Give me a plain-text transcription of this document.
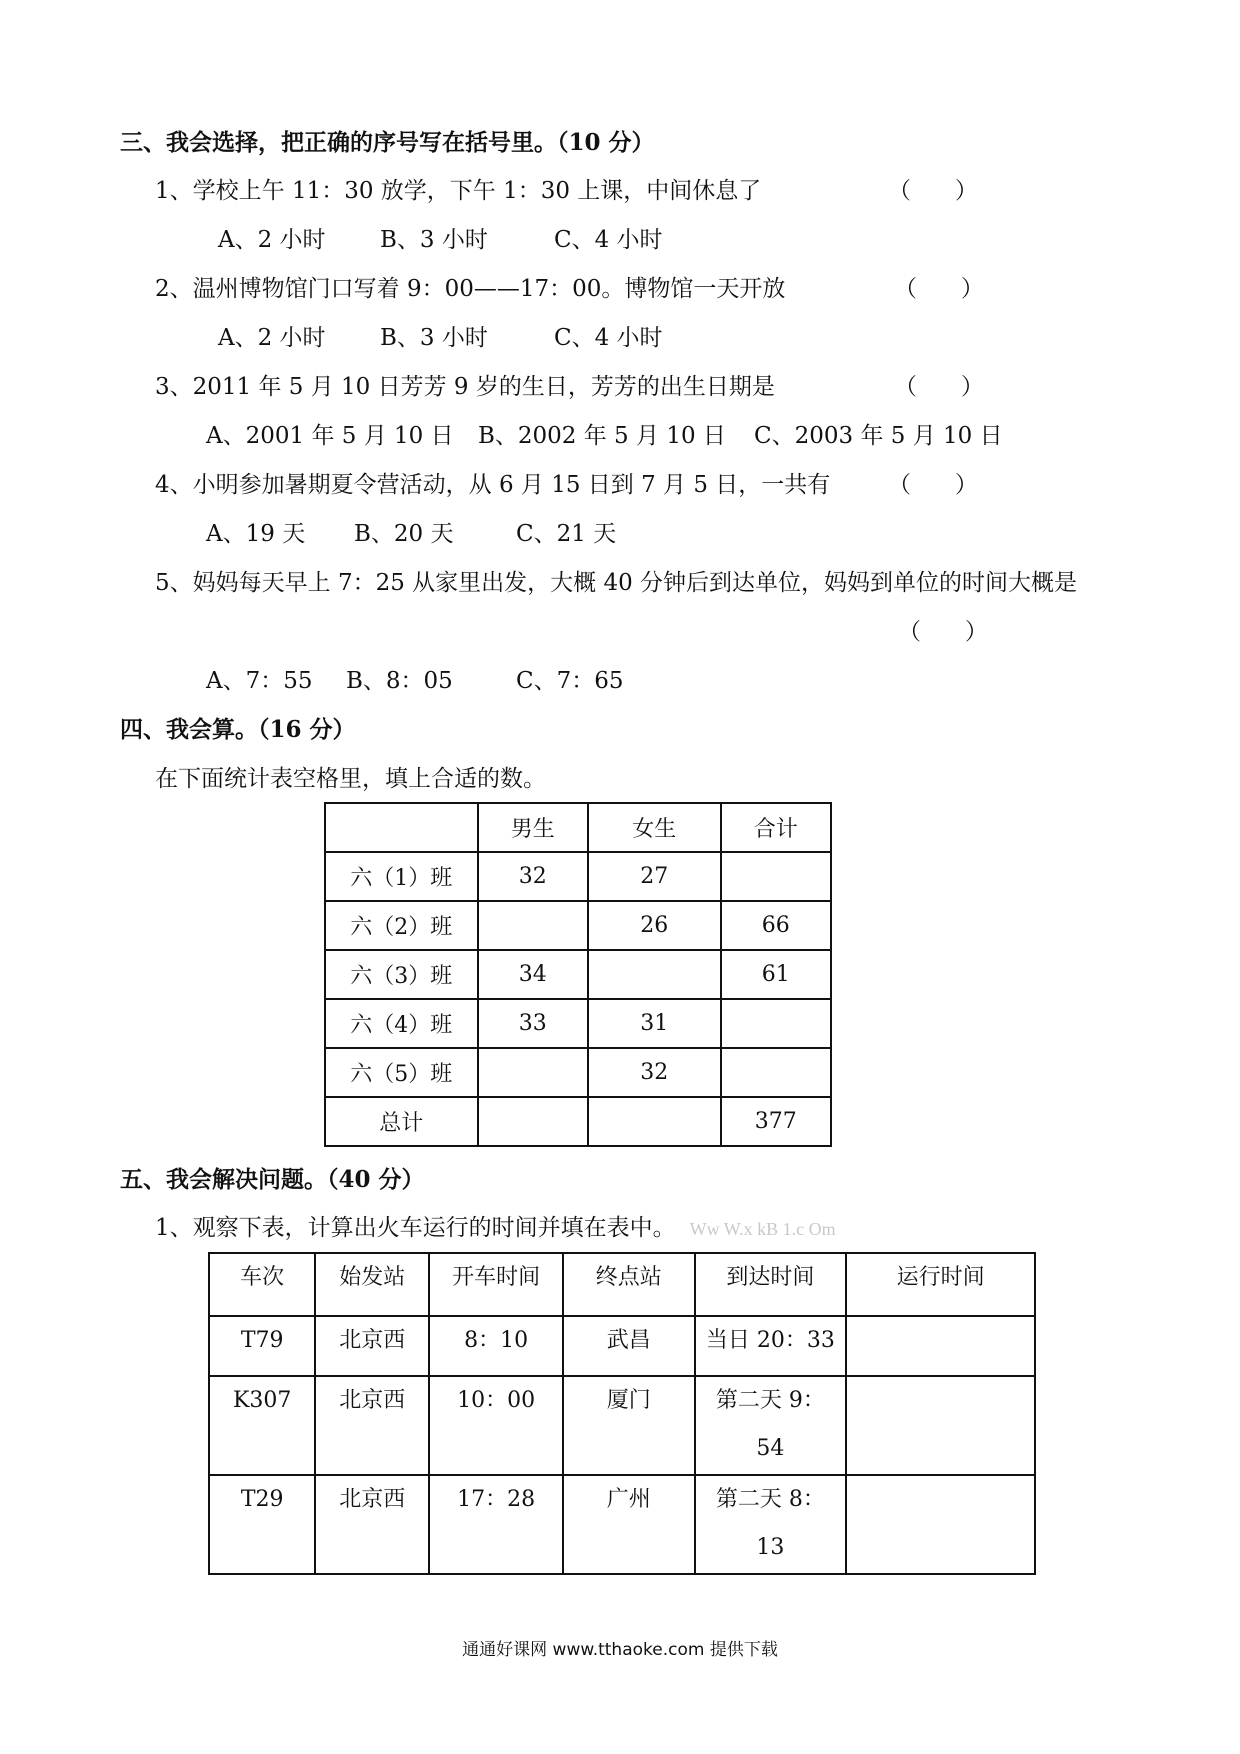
三、我会选择，把正确的序号写在括号里。（10 分）
1、学校上午 11：30 放学，下午 1：30 上课，中间休息了	（      ）
A、2 小时 B、3 小时	C、4 小时
2、温州博物馆门口写着 9：00——17：00。博物馆一天开放	（      ）
A、2 小时 B、3 小时	C、4 小时
3、2011 年 5 月 10 日芳芳 9 岁的生日，芳芳的出生日期是	（      ）
A、2001 年 5 月 10 日 B、2002 年 5 月 10 日 C、2003 年 5 月 10 日
4、小明参加暑期夏令营活动，从 6 月 15 日到 7 月 5 日，一共有	（      ）
A、19 天 B、20 天	C、21 天
5、妈妈每天早上 7：25 从家里出发，大概 40 分钟后到达单位，妈妈到单位的时间大概是
（      ）
A、7：55 B、8：05	C、7：65
四、我会算。（16 分）
在下面统计表空格里，填上合适的数。
	男生	女生	合计
六（1）班	32	27	
六（2）班		26	66
六（3）班	34		61
六（4）班	33	31	
六（5）班		32	
总计			377
五、我会解决问题。（40 分）
1、观察下表，计算出火车运行的时间并填在表中。 Ww W.x kB 1.c Om
车次	始发站	开车时间	终点站	到达时间	运行时间
T79	北京西	8：10	武昌	当日 20：33	
K307	北京西	10：00	厦门	第二天 9：
54	
T29	北京西	17：28	广州	第二天 8：
13	
通通好课网 www.tthaoke.com 提供下载
